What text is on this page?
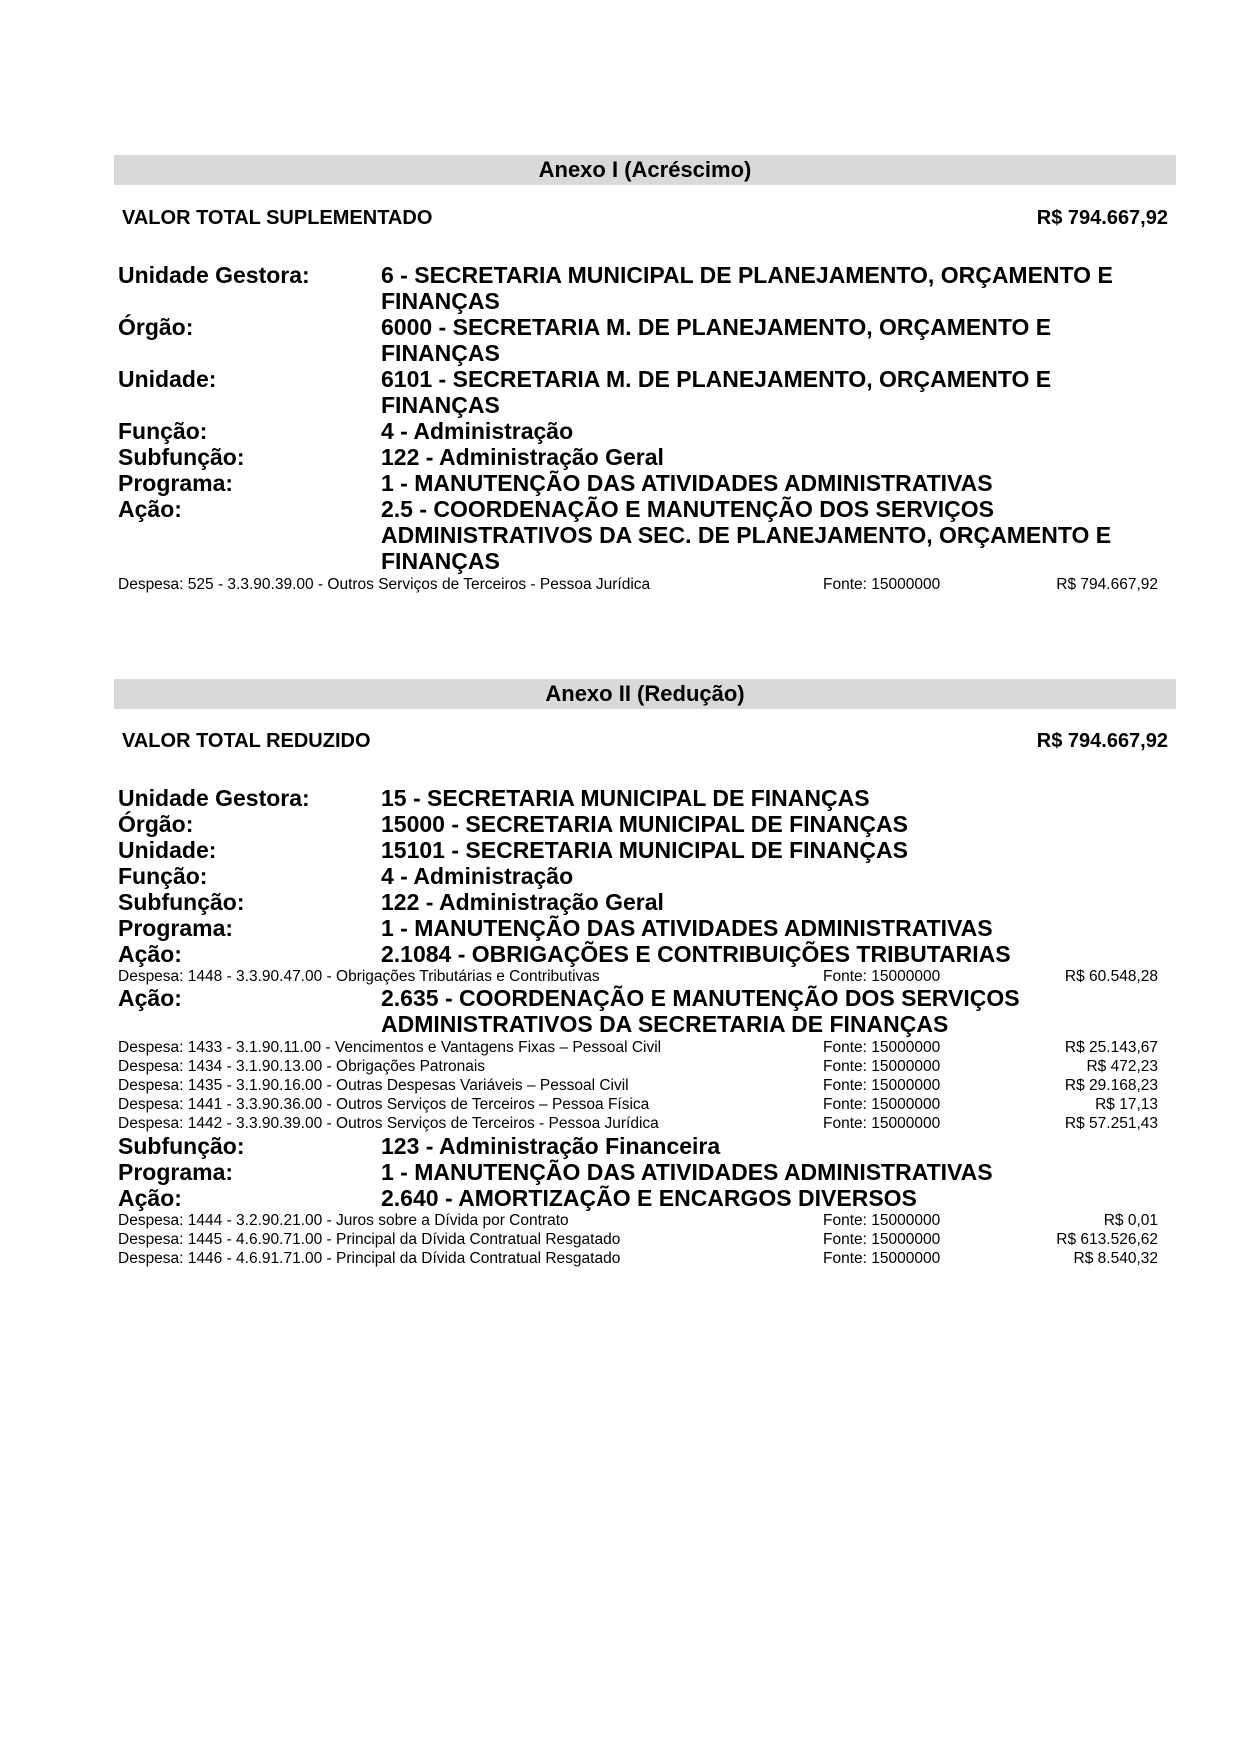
Anexo I (Acréscimo)
VALOR TOTAL SUPLEMENTADO	R$ 794.667,92
Unidade Gestora:	6 - SECRETARIA MUNICIPAL DE PLANEJAMENTO, ORÇAMENTO E
FINANÇAS
Órgão:	6000 - SECRETARIA M. DE PLANEJAMENTO, ORÇAMENTO E
FINANÇAS
Unidade:	6101 - SECRETARIA M. DE PLANEJAMENTO, ORÇAMENTO E
FINANÇAS
Função:	4 - Administração
Subfunção:	122 - Administração Geral
Programa:	1 - MANUTENÇÃO DAS ATIVIDADES ADMINISTRATIVAS
Ação:	2.5 - COORDENAÇÃO E MANUTENÇÃO DOS SERVIÇOS
ADMINISTRATIVOS DA SEC. DE PLANEJAMENTO, ORÇAMENTO E
FINANÇAS
Despesa: 525 - 3.3.90.39.00 - Outros Serviços de Terceiros - Pessoa Jurídica	Fonte: 15000000	R$ 794.667,92
Anexo II (Redução)
VALOR TOTAL REDUZIDO	R$ 794.667,92
Unidade Gestora:	15 - SECRETARIA MUNICIPAL DE FINANÇAS
Órgão:	15000 - SECRETARIA MUNICIPAL DE FINANÇAS
Unidade:	15101 - SECRETARIA MUNICIPAL DE FINANÇAS
Função:	4 - Administração
Subfunção:	122 - Administração Geral
Programa:	1 - MANUTENÇÃO DAS ATIVIDADES ADMINISTRATIVAS
Ação:	2.1084 - OBRIGAÇÕES E CONTRIBUIÇÕES TRIBUTARIAS
Despesa: 1448 - 3.3.90.47.00 - Obrigações Tributárias e Contributivas	Fonte: 15000000	R$ 60.548,28
Ação:	2.635 - COORDENAÇÃO E MANUTENÇÃO DOS SERVIÇOS
ADMINISTRATIVOS DA SECRETARIA DE FINANÇAS
Despesa: 1433 - 3.1.90.11.00 - Vencimentos e Vantagens Fixas – Pessoal Civil	Fonte: 15000000	R$ 25.143,67
Despesa: 1434 - 3.1.90.13.00 - Obrigações Patronais	Fonte: 15000000	R$ 472,23
Despesa: 1435 - 3.1.90.16.00 - Outras Despesas Variáveis – Pessoal Civil	Fonte: 15000000	R$ 29.168,23
Despesa: 1441 - 3.3.90.36.00 - Outros Serviços de Terceiros – Pessoa Física	Fonte: 15000000	R$ 17,13
Despesa: 1442 - 3.3.90.39.00 - Outros Serviços de Terceiros - Pessoa Jurídica	Fonte: 15000000	R$ 57.251,43
Subfunção:	123 - Administração Financeira
Programa:	1 - MANUTENÇÃO DAS ATIVIDADES ADMINISTRATIVAS
Ação:	2.640 - AMORTIZAÇÃO E ENCARGOS DIVERSOS
Despesa: 1444 - 3.2.90.21.00 - Juros sobre a Dívida por Contrato	Fonte: 15000000	R$ 0,01
Despesa: 1445 - 4.6.90.71.00 - Principal da Dívida Contratual Resgatado	Fonte: 15000000	R$ 613.526,62
Despesa: 1446 - 4.6.91.71.00 - Principal da Dívida Contratual Resgatado	Fonte: 15000000	R$ 8.540,32
